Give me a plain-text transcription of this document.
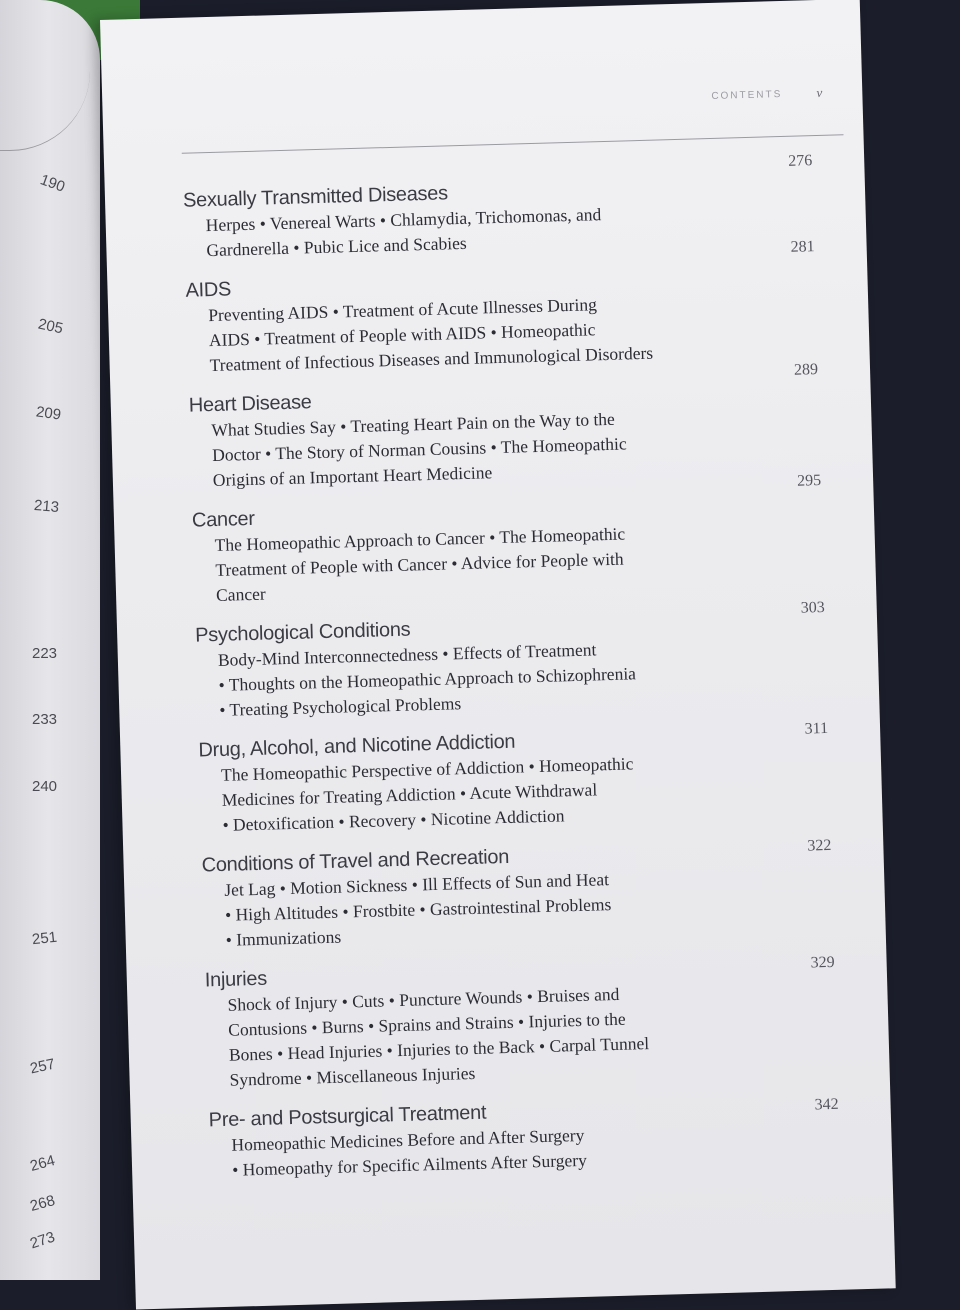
190
205
209
213
223
233
240
251
257
264
268
273
CONTENTS	v
Sexually Transmitted Diseases
276
Herpes • Venereal Warts • Chlamydia, Trichomonas, and
Gardnerella • Pubic Lice and Scabies
AIDS
281
Preventing AIDS • Treatment of Acute Illnesses During
AIDS • Treatment of People with AIDS • Homeopathic
Treatment of Infectious Diseases and Immunological Disorders
Heart Disease
289
What Studies Say • Treating Heart Pain on the Way to the
Doctor • The Story of Norman Cousins • The Homeopathic
Origins of an Important Heart Medicine
Cancer
295
The Homeopathic Approach to Cancer • The Homeopathic
Treatment of People with Cancer • Advice for People with
Cancer
Psychological Conditions
303
Body-Mind Interconnectedness • Effects of Treatment
• Thoughts on the Homeopathic Approach to Schizophrenia
• Treating Psychological Problems
Drug, Alcohol, and Nicotine Addiction
311
The Homeopathic Perspective of Addiction • Homeopathic
Medicines for Treating Addiction • Acute Withdrawal
• Detoxification • Recovery • Nicotine Addiction
Conditions of Travel and Recreation
322
Jet Lag • Motion Sickness • Ill Effects of Sun and Heat
• High Altitudes • Frostbite • Gastrointestinal Problems
• Immunizations
Injuries
329
Shock of Injury • Cuts • Puncture Wounds • Bruises and
Contusions • Burns • Sprains and Strains • Injuries to the
Bones • Head Injuries • Injuries to the Back • Carpal Tunnel
Syndrome • Miscellaneous Injuries
Pre- and Postsurgical Treatment	342
Homeopathic Medicines Before and After Surgery
• Homeopathy for Specific Ailments After Surgery
